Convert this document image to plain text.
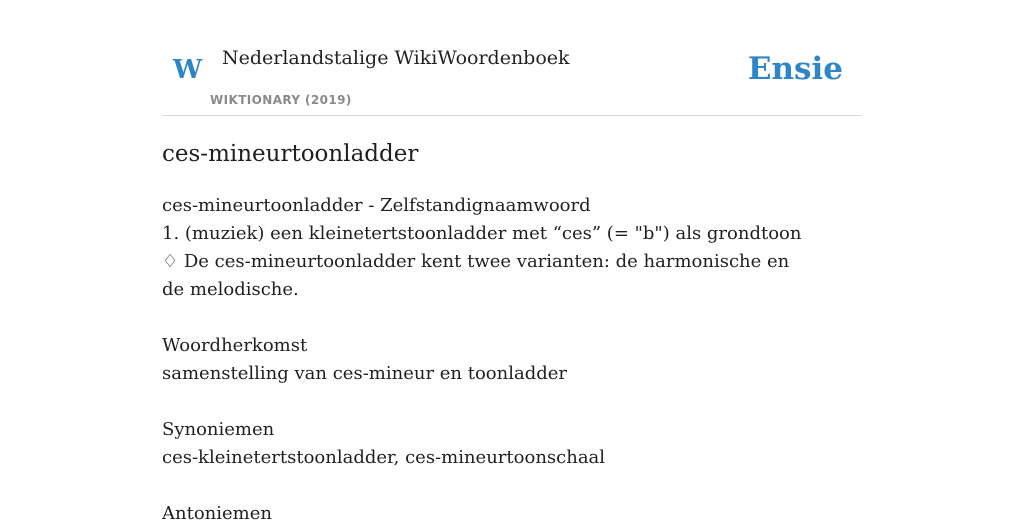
W Nederlandstalige WikiWoordenboek
WIKTIONARY (2019)
Ensie
ces-mineurtoonladder
ces-mineurtoonladder - Zelfstandignaamwoord
1. (muziek) een kleinetertstoonladder met “ces” (= "b") als grondtoon
♢ De ces-mineurtoonladder kent twee varianten: de harmonische en de melodische.
Woordherkomst
samenstelling van ces-mineur en toonladder
Synoniemen
ces-kleinetertstoonladder, ces-mineurtoonschaal
Antoniemen
